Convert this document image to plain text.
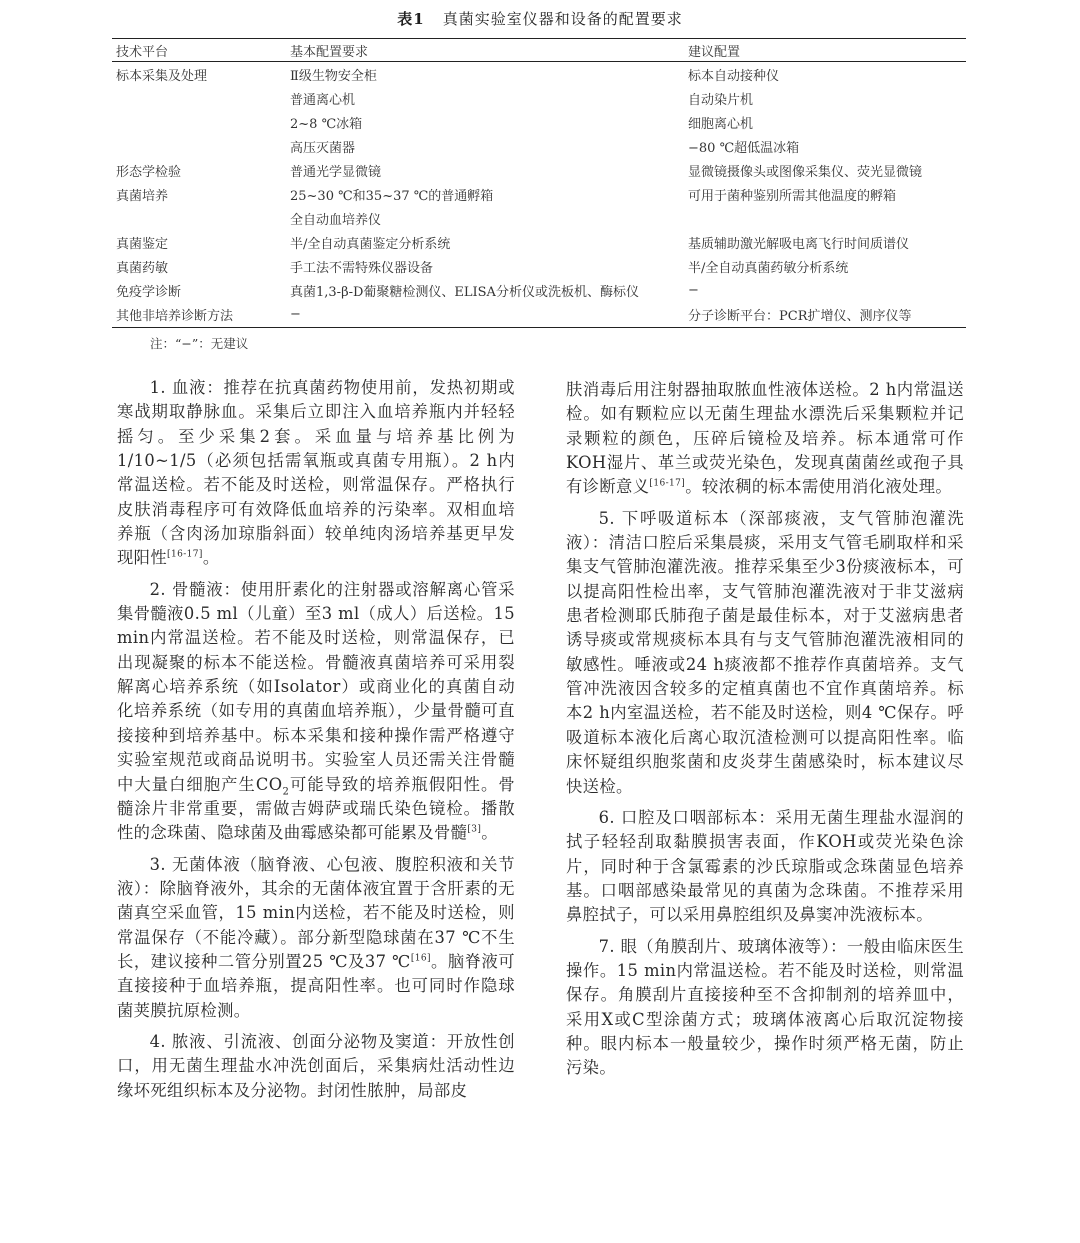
表1 真菌实验室仪器和设备的配置要求
技术平台	基本配置要求	建议配置
标本采集及处理	Ⅱ级生物安全柜	标本自动接种仪
	普通离心机	自动染片机
	2~8 ℃冰箱	细胞离心机
	高压灭菌器	−80 ℃超低温冰箱
形态学检验	普通光学显微镜	显微镜摄像头或图像采集仪、荧光显微镜
真菌培养	25~30 ℃和35~37 ℃的普通孵箱	可用于菌种鉴别所需其他温度的孵箱
	全自动血培养仪	
真菌鉴定	半/全自动真菌鉴定分析系统	基质辅助激光解吸电离飞行时间质谱仪
真菌药敏	手工法不需特殊仪器设备	半/全自动真菌药敏分析系统
免疫学诊断	真菌1,3-β-D葡聚糖检测仪、ELISA分析仪或洗板机、酶标仪	−
其他非培养诊断方法	−	分子诊断平台：PCR扩增仪、测序仪等
注：“−”：无建议

1. 血液：推荐在抗真菌药物使用前，发热初期或寒战期取静脉血。采集后立即注入血培养瓶内并轻轻摇匀。至少采集2套。采血量与培养基比例为1/10~1/5（必须包括需氧瓶或真菌专用瓶）。2 h内常温送检。若不能及时送检，则常温保存。严格执行皮肤消毒程序可有效降低血培养的污染率。双相血培养瓶（含肉汤加琼脂斜面）较单纯肉汤培养基更早发现阳性[16-17]。

2. 骨髓液：使用肝素化的注射器或溶解离心管采集骨髓液0.5 ml（儿童）至3 ml（成人）后送检。15 min内常温送检。若不能及时送检，则常温保存，已出现凝聚的标本不能送检。骨髓液真菌培养可采用裂解离心培养系统（如Isolator）或商业化的真菌自动化培养系统（如专用的真菌血培养瓶），少量骨髓可直接接种到培养基中。标本采集和接种操作需严格遵守实验室规范或商品说明书。实验室人员还需关注骨髓中大量白细胞产生$CO_2$可能导致的培养瓶假阳性。骨髓涂片非常重要，需做吉姆萨或瑞氏染色镜检。播散性的念珠菌、隐球菌及曲霉感染都可能累及骨髓[3]。

3. 无菌体液（脑脊液、心包液、腹腔积液和关节液）：除脑脊液外，其余的无菌体液宜置于含肝素的无菌真空采血管，15 min内送检，若不能及时送检，则常温保存（不能冷藏）。部分新型隐球菌在37 ℃不生长，建议接种二管分别置25 ℃及37 ℃[16]。脑脊液可直接接种于血培养瓶，提高阳性率。也可同时作隐球菌荚膜抗原检测。

4. 脓液、引流液、创面分泌物及窦道：开放性创口，用无菌生理盐水冲洗创面后，采集病灶活动性边缘坏死组织标本及分泌物。封闭性脓肿，局部皮

肤消毒后用注射器抽取脓血性液体送检。2 h内常温送检。如有颗粒应以无菌生理盐水漂洗后采集颗粒并记录颗粒的颜色，压碎后镜检及培养。标本通常可作KOH湿片、革兰或荧光染色，发现真菌菌丝或孢子具有诊断意义[16-17]。较浓稠的标本需使用消化液处理。

5. 下呼吸道标本（深部痰液，支气管肺泡灌洗液）：清洁口腔后采集晨痰，采用支气管毛刷取样和采集支气管肺泡灌洗液。推荐采集至少3份痰液标本，可以提高阳性检出率，支气管肺泡灌洗液对于非艾滋病患者检测耶氏肺孢子菌是最佳标本，对于艾滋病患者诱导痰或常规痰标本具有与支气管肺泡灌洗液相同的敏感性。唾液或24 h痰液都不推荐作真菌培养。支气管冲洗液因含较多的定植真菌也不宜作真菌培养。标本2 h内室温送检，若不能及时送检，则4 ℃保存。呼吸道标本液化后离心取沉渣检测可以提高阳性率。临床怀疑组织胞浆菌和皮炎芽生菌感染时，标本建议尽快送检。

6. 口腔及口咽部标本：采用无菌生理盐水湿润的拭子轻轻刮取黏膜损害表面，作KOH或荧光染色涂片，同时种于含氯霉素的沙氏琼脂或念珠菌显色培养基。口咽部感染最常见的真菌为念珠菌。不推荐采用鼻腔拭子，可以采用鼻腔组织及鼻窦冲洗液标本。

7. 眼（角膜刮片、玻璃体液等）：一般由临床医生操作。15 min内常温送检。若不能及时送检，则常温保存。角膜刮片直接接种至不含抑制剂的培养皿中，采用X或C型涂菌方式；玻璃体液离心后取沉淀物接种。眼内标本一般量较少，操作时须严格无菌，防止污染。
